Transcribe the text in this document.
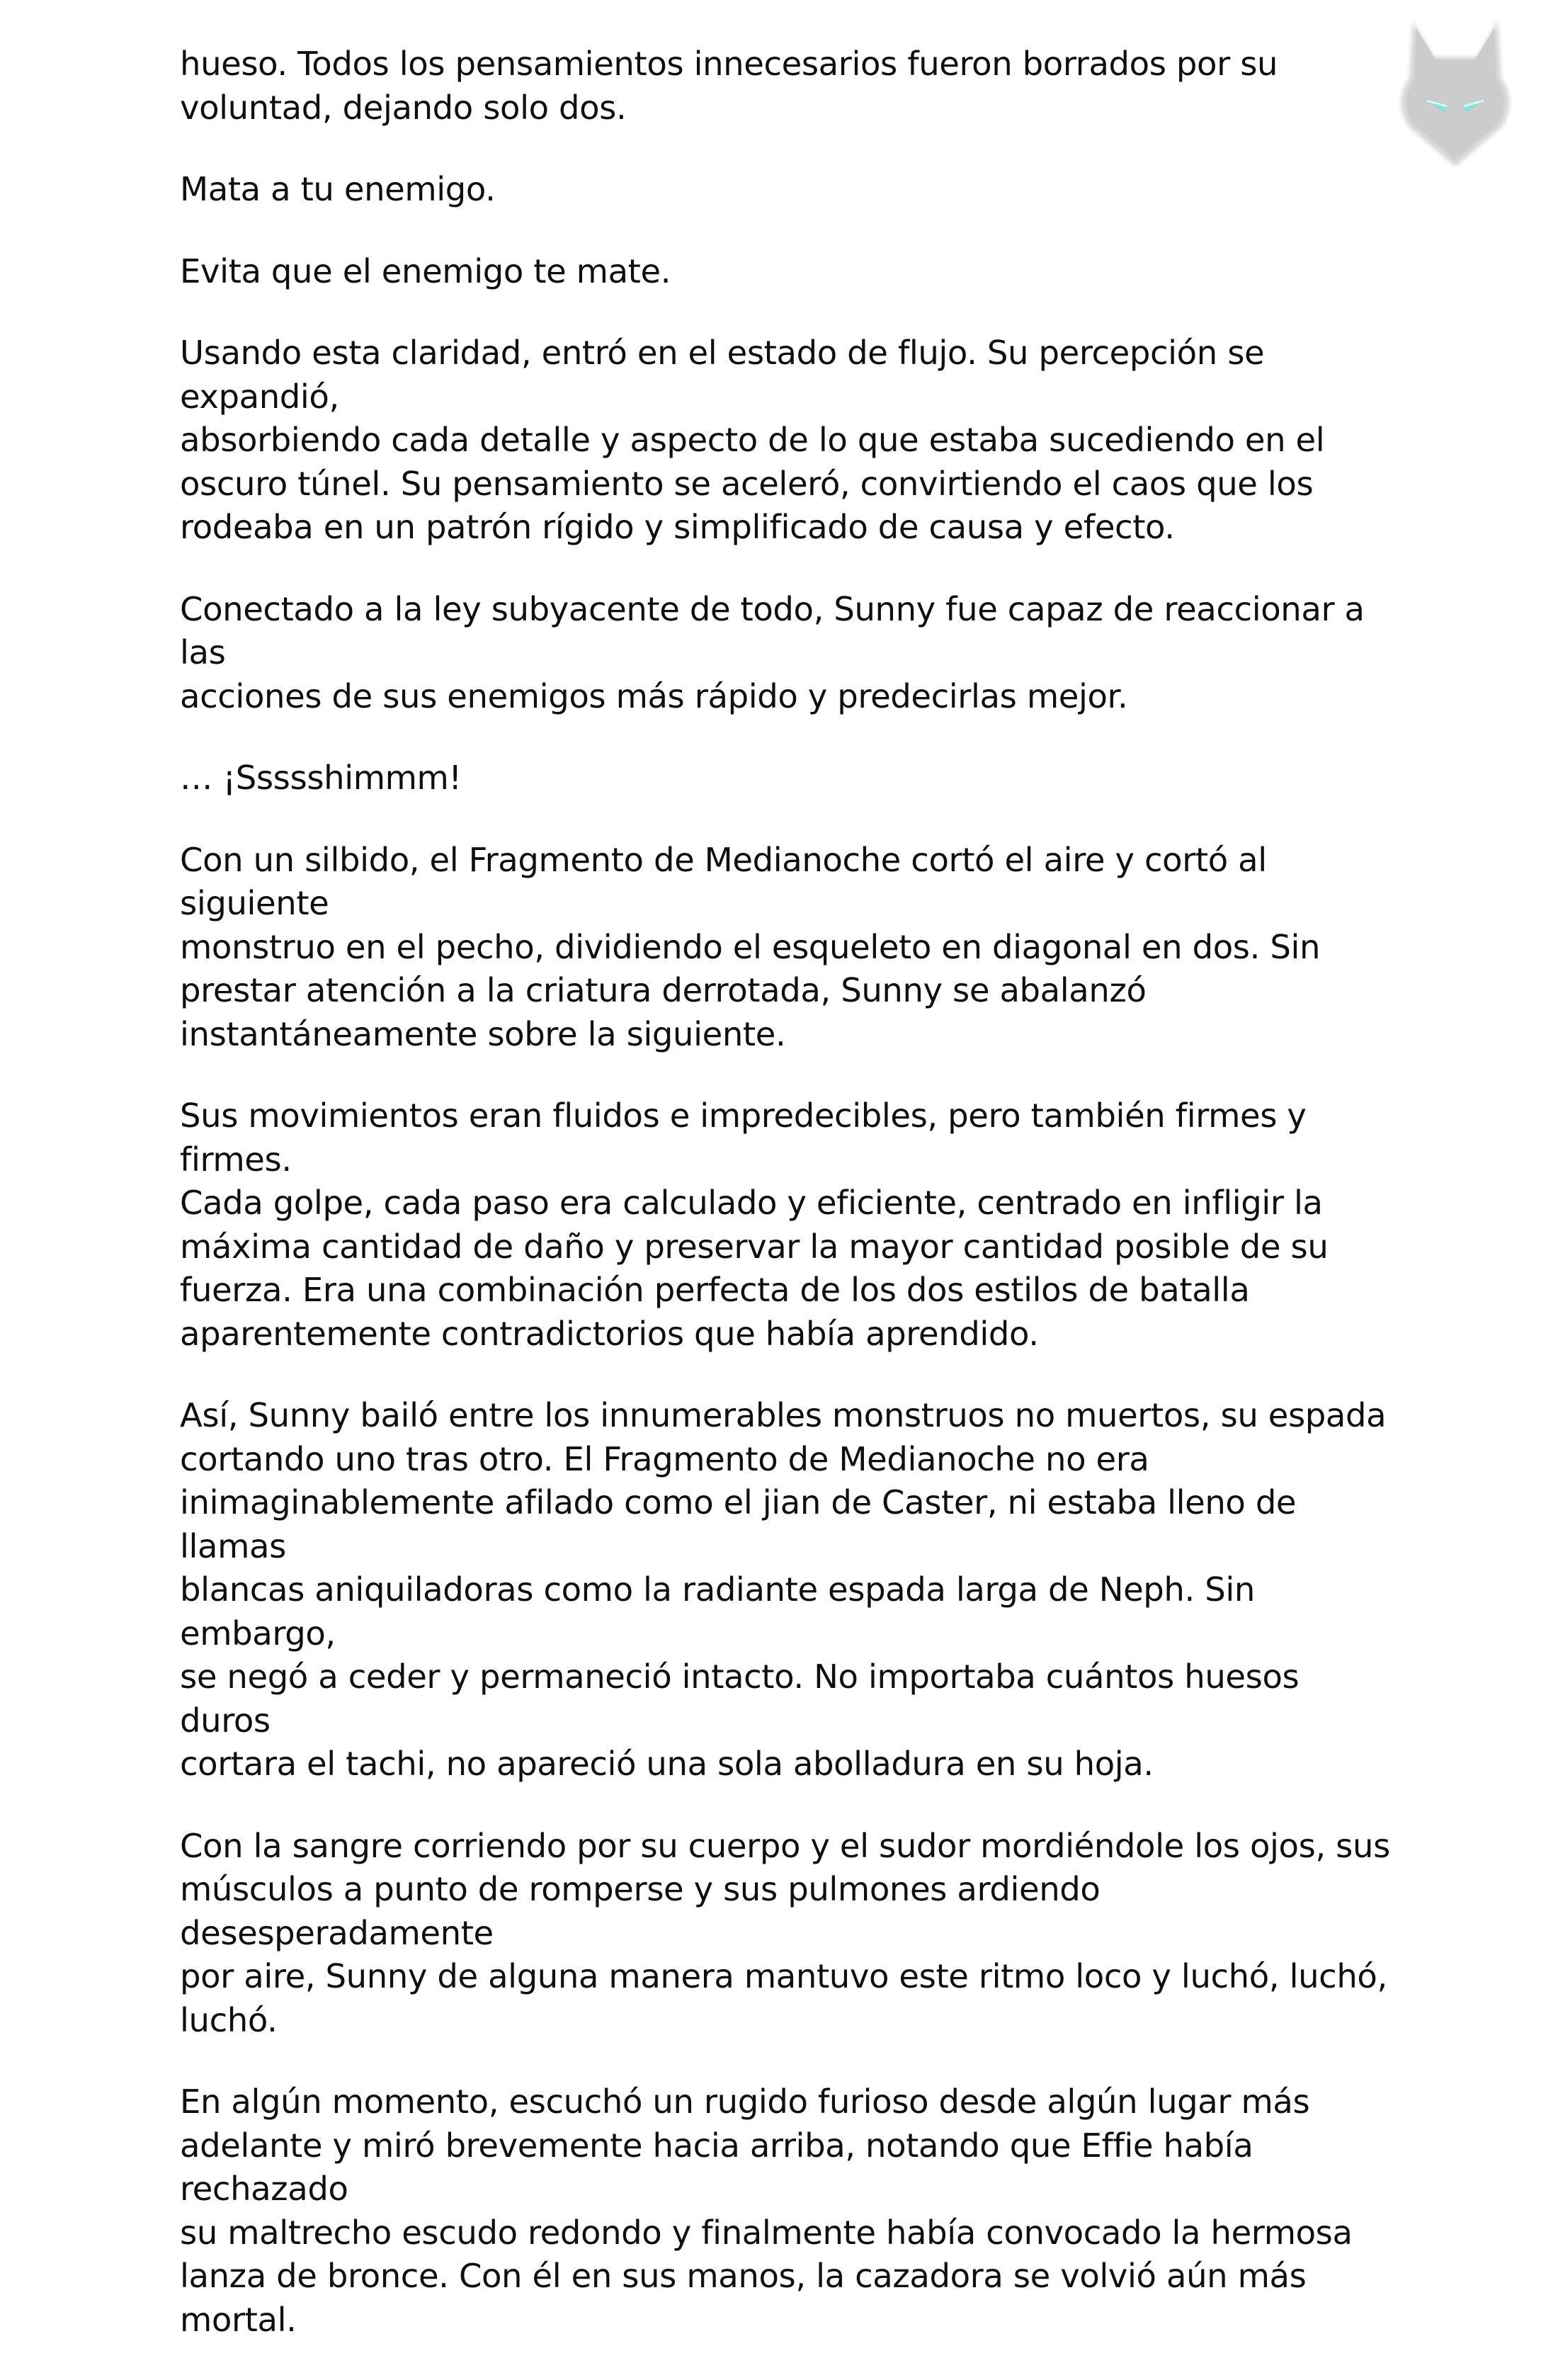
hueso. Todos los pensamientos innecesarios fueron borrados por su
voluntad, dejando solo dos.

Mata a tu enemigo.

Evita que el enemigo te mate.

Usando esta claridad, entró en el estado de flujo. Su percepción se expandió,
absorbiendo cada detalle y aspecto de lo que estaba sucediendo en el
oscuro túnel. Su pensamiento se aceleró, convirtiendo el caos que los
rodeaba en un patrón rígido y simplificado de causa y efecto.

Conectado a la ley subyacente de todo, Sunny fue capaz de reaccionar a las
acciones de sus enemigos más rápido y predecirlas mejor.

… ¡Ssssshimmm!

Con un silbido, el Fragmento de Medianoche cortó el aire y cortó al siguiente
monstruo en el pecho, dividiendo el esqueleto en diagonal en dos. Sin
prestar atención a la criatura derrotada, Sunny se abalanzó
instantáneamente sobre la siguiente.

Sus movimientos eran fluidos e impredecibles, pero también firmes y firmes.
Cada golpe, cada paso era calculado y eficiente, centrado en infligir la
máxima cantidad de daño y preservar la mayor cantidad posible de su
fuerza. Era una combinación perfecta de los dos estilos de batalla
aparentemente contradictorios que había aprendido.

Así, Sunny bailó entre los innumerables monstruos no muertos, su espada
cortando uno tras otro. El Fragmento de Medianoche no era
inimaginablemente afilado como el jian de Caster, ni estaba lleno de llamas
blancas aniquiladoras como la radiante espada larga de Neph. Sin embargo,
se negó a ceder y permaneció intacto. No importaba cuántos huesos duros
cortara el tachi, no apareció una sola abolladura en su hoja.

Con la sangre corriendo por su cuerpo y el sudor mordiéndole los ojos, sus
músculos a punto de romperse y sus pulmones ardiendo desesperadamente
por aire, Sunny de alguna manera mantuvo este ritmo loco y luchó, luchó,
luchó.

En algún momento, escuchó un rugido furioso desde algún lugar más
adelante y miró brevemente hacia arriba, notando que Effie había rechazado
su maltrecho escudo redondo y finalmente había convocado la hermosa
lanza de bronce. Con él en sus manos, la cazadora se volvió aún más mortal.
